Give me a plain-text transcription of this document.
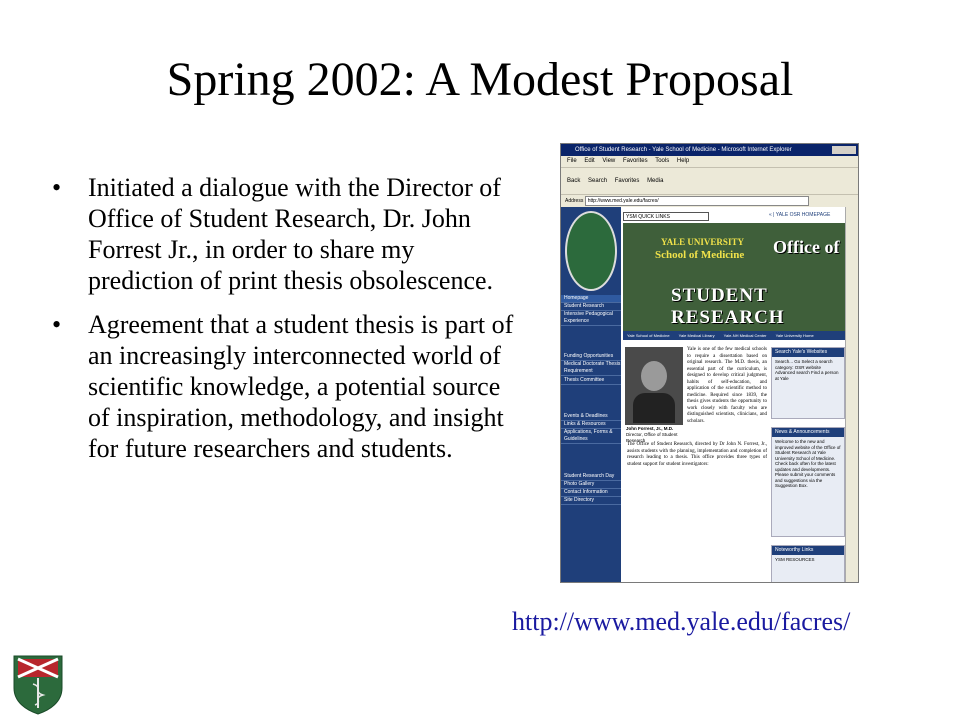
Spring 2002: A Modest Proposal
• Initiated a dialogue with the Director of Office of Student Research, Dr. John Forrest Jr., in order to share my prediction of print thesis obsolescence.
• Agreement that a student thesis is part of an increasingly interconnected world of scientific knowledge, a potential source of inspiration, methodology, and insight for future researchers and students.
Office of Student Research - Yale School of Medicine - Microsoft Internet Explorer
File Edit View Favorites Tools Help
Back Search Favorites Media
Address http://www.med.yale.edu/facres/
Homepage
Student Research
Intensive Pedagogical Experience
Funding Opportunities
Medical Doctorate Thesis Requirement
Thesis Committee
Events & Deadlines
Links & Resources
Applications, Forms & Guidelines
Student Research Day
Photo Gallery
Contact Information
Site Directory
YSM QUICK LINKS	« | YALE OSR HOMEPAGE
YALE UNIVERSITY
School of Medicine Office of
STUDENT RESEARCH
Yale School of Medicine Yale Medical Library Yale-NH Medical Center Yale University Home
John Forrest, Jr., M.D.
Director, Office of Student Research
Yale is one of the few medical schools to require a dissertation based on original research. The M.D. thesis, an essential part of the curriculum, is designed to develop critical judgment, habits of self-education, and application of the scientific method to medicine. Required since 1839, the thesis gives students the opportunity to work closely with faculty who are distinguished scientists, clinicians, and scholars.
The Office of Student Research, directed by Dr John N. Forrest, Jr., assists students with the planning, implementation and completion of research leading to a thesis. This office provides three types of student support for student investigators:
Search Yale's Websites
Search... Go Select a search category: OSR website Advanced search Find a person at Yale
News & Announcements
Welcome to the new and improved website of the Office of Student Research at Yale University School of Medicine. Check back often for the latest updates and developments. Please submit your comments and suggestions via the Suggestion Box.
Noteworthy Links
YSM RESOURCES
http://www.med.yale.edu/facres/
